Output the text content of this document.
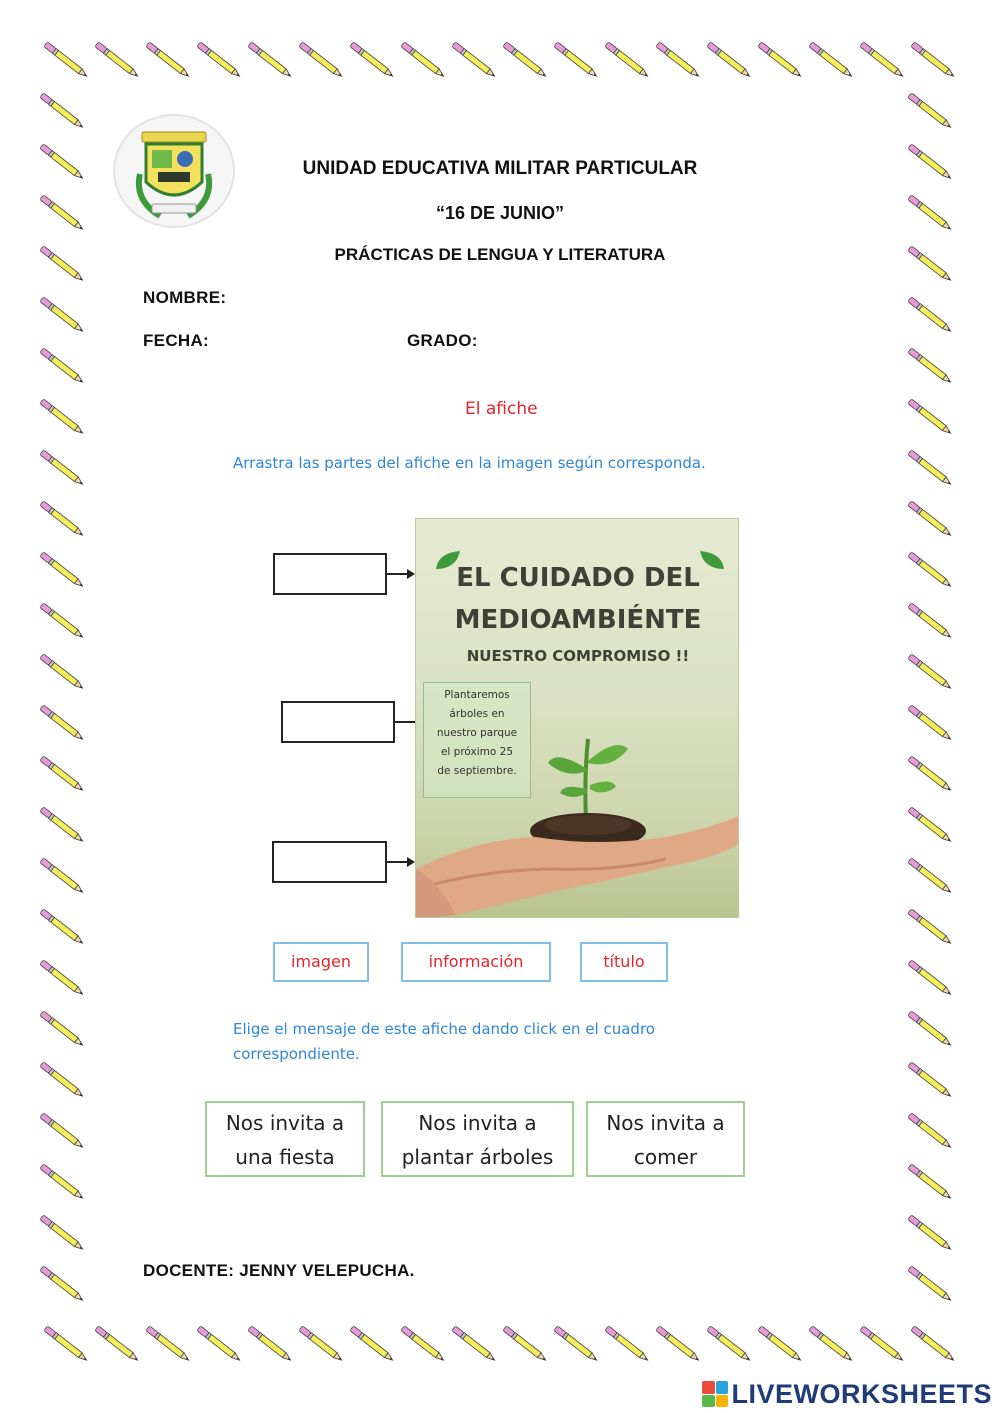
UNIDAD EDUCATIVA MILITAR PARTICULAR
“16 DE JUNIO”
PRÁCTICAS DE LENGUA Y LITERATURA
NOMBRE:
FECHA:	GRADO:
El afiche
Arrastra las partes del afiche en la imagen según corresponda.
EL CUIDADO DEL
MEDIOAMBIÉNTE
NUESTRO COMPROMISO !!
Plantaremos
árboles en
nuestro parque
el próximo 25
de septiembre.
imagen	información	título
Elige el mensaje de este afiche dando click en el cuadro correspondiente.
Nos invita a
una fiesta
Nos invita a
plantar árboles
Nos invita a
comer
DOCENTE: JENNY VELEPUCHA.
LIVEWORKSHEETS
